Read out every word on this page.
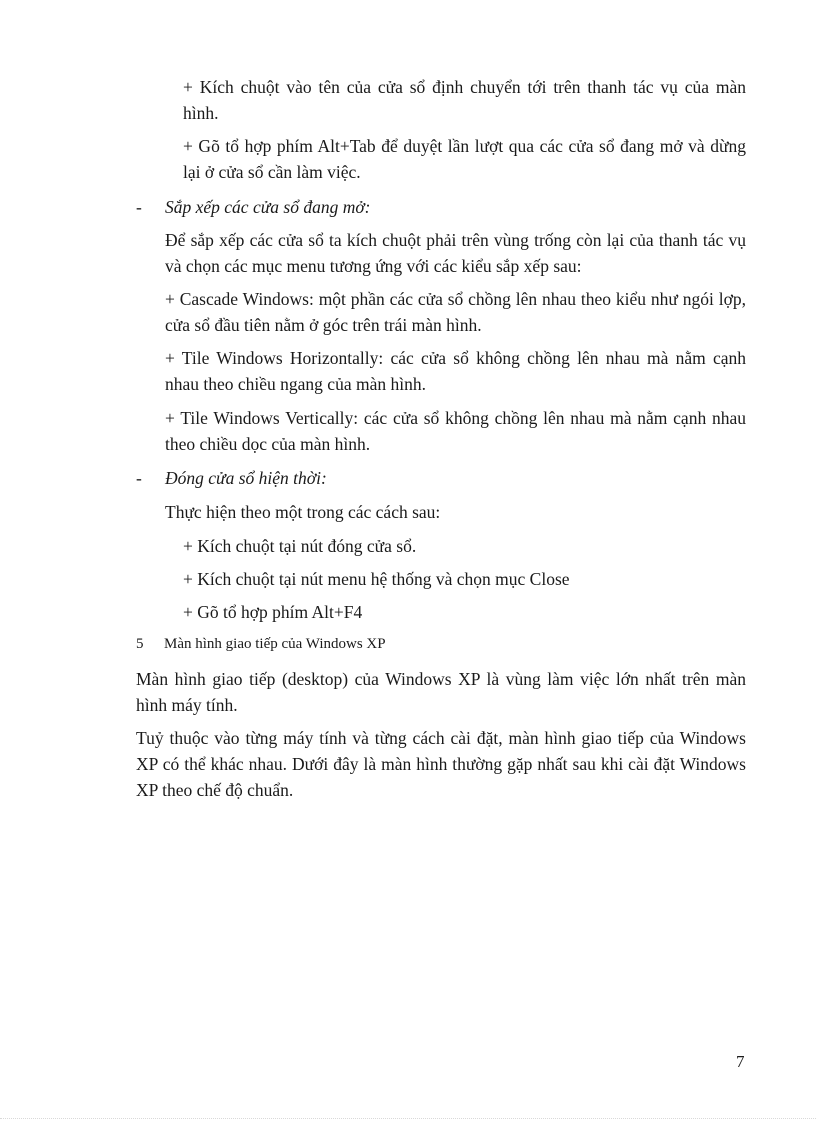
+ Kích chuột vào tên của cửa sổ định chuyển tới trên thanh tác vụ của màn hình.

+ Gõ tổ hợp phím Alt+Tab để duyệt lần lượt qua các cửa sổ đang mở và dừng lại ở cửa sổ cần làm việc.

- Sắp xếp các cửa sổ đang mở:

Để sắp xếp các cửa sổ ta kích chuột phải trên vùng trống còn lại của thanh tác vụ và chọn các mục menu tương ứng với các kiểu sắp xếp sau:

+ Cascade Windows: một phần các cửa sổ chồng lên nhau theo kiểu như ngói lợp, cửa sổ đầu tiên nằm ở góc trên trái màn hình.

+ Tile Windows Horizontally: các cửa sổ không chồng lên nhau mà nằm cạnh nhau theo chiều ngang của màn hình.

+ Tile Windows Vertically: các cửa sổ không chồng lên nhau mà nằm cạnh nhau theo chiều dọc của màn hình.

- Đóng cửa sổ hiện thời:

Thực hiện theo một trong các cách sau:

+ Kích chuột tại nút đóng cửa sổ.

+ Kích chuột tại nút menu hệ thống và chọn mục Close

+ Gõ tổ hợp phím Alt+F4

5 Màn hình giao tiếp của Windows XP

Màn hình giao tiếp (desktop) của Windows XP là vùng làm việc lớn nhất trên màn hình máy tính.

Tuỷ thuộc vào từng máy tính và từng cách cài đặt, màn hình giao tiếp của Windows XP có thể khác nhau. Dưới đây là màn hình thường gặp nhất sau khi cài đặt Windows XP theo chế độ chuẩn.

7
